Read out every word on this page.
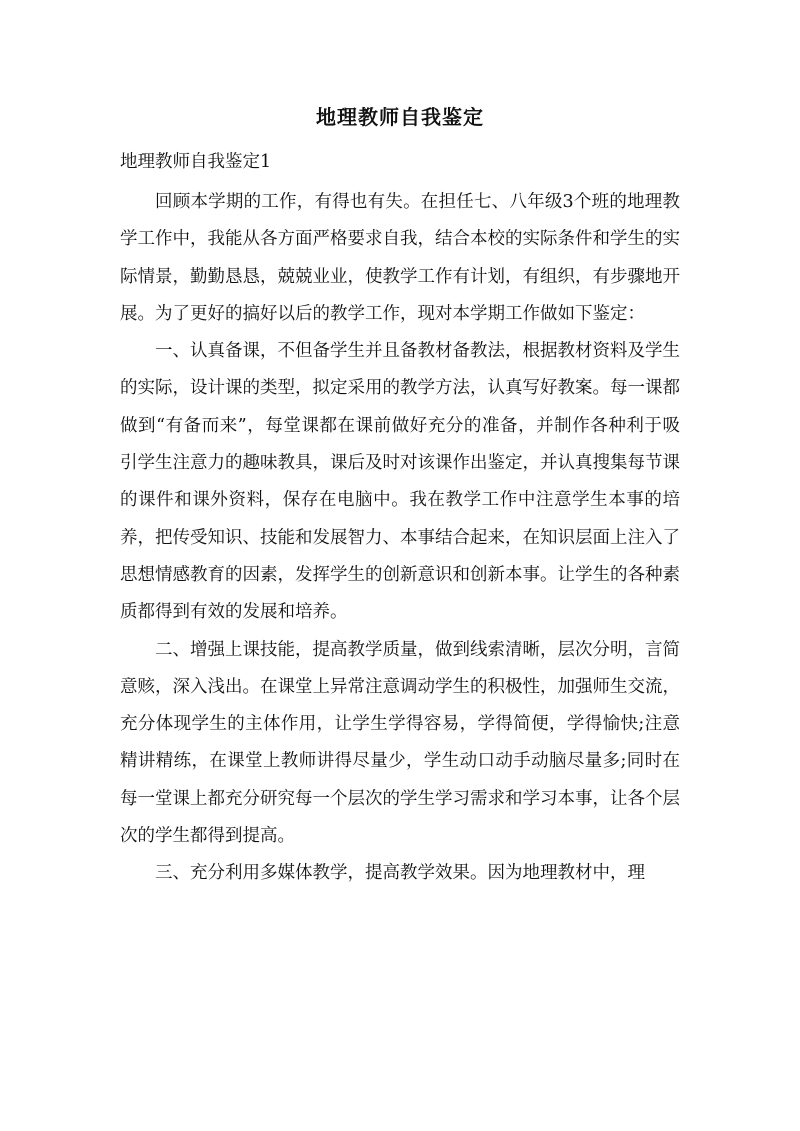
地理教师自我鉴定
地理教师自我鉴定1

回顾本学期的工作，有得也有失。在担任七、八年级3个班的地理教学工作中，我能从各方面严格要求自我，结合本校的实际条件和学生的实际情景，勤勤恳恳，兢兢业业，使教学工作有计划，有组织，有步骤地开展。为了更好的搞好以后的教学工作，现对本学期工作做如下鉴定：

一、认真备课，不但备学生并且备教材备教法，根据教材资料及学生的实际，设计课的类型，拟定采用的教学方法，认真写好教案。每一课都做到“有备而来”，每堂课都在课前做好充分的准备，并制作各种利于吸引学生注意力的趣味教具，课后及时对该课作出鉴定，并认真搜集每节课的课件和课外资料，保存在电脑中。我在教学工作中注意学生本事的培养，把传受知识、技能和发展智力、本事结合起来，在知识层面上注入了思想情感教育的因素，发挥学生的创新意识和创新本事。让学生的各种素质都得到有效的发展和培养。

二、增强上课技能，提高教学质量，做到线索清晰，层次分明，言简意赅，深入浅出。在课堂上异常注意调动学生的积极性，加强师生交流，充分体现学生的主体作用，让学生学得容易，学得简便，学得愉快;注意精讲精练，在课堂上教师讲得尽量少，学生动口动手动脑尽量多;同时在每一堂课上都充分研究每一个层次的学生学习需求和学习本事，让各个层次的学生都得到提高。

三、充分利用多媒体教学，提高教学效果。因为地理教材中，理
